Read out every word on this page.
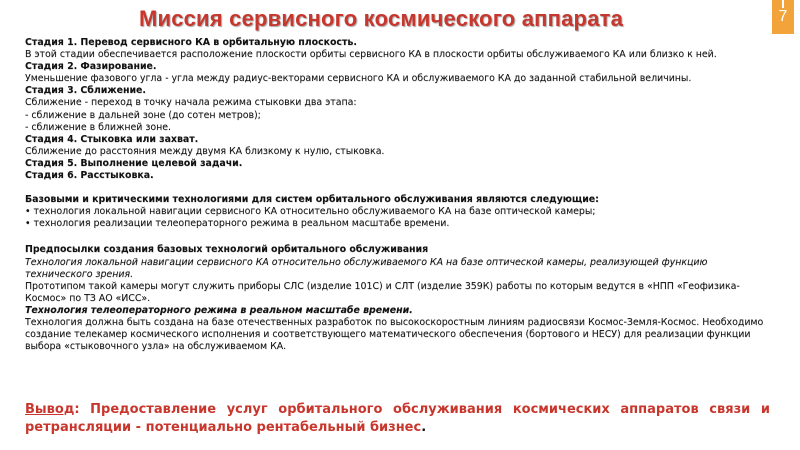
Миссия сервисного космического аппарата	7

Стадия 1. Перевод сервисного КА в орбитальную плоскость.

В этой стадии обеспечивается расположение плоскости орбиты сервисного КА в плоскости орбиты обслуживаемого КА или близко к ней.

Стадия 2. Фазирование.

Уменьшение фазового угла - угла между радиус-векторами сервисного КА и обслуживаемого КА до заданной стабильной величины.

Стадия 3. Сближение.

Сближение - переход в точку начала режима стыковки два этапа:

- сближение в дальней зоне (до сотен метров);

- сближение в ближней зоне.

Стадия 4. Стыковка или захват.

Сближение до расстояния между двумя КА близкому к нулю, стыковка.

Стадия 5. Выполнение целевой задачи.

Стадия 6. Расстыковка.

Базовыми и критическими технологиями для систем орбитального обслуживания являются следующие:

• технология локальной навигации сервисного КА относительно обслуживаемого КА на базе оптической камеры;

• технология реализации телеоператорного режима в реальном масштабе времени.

Предпосылки создания базовых технологий орбитального обслуживания

Технология локальной навигации сервисного КА относительно обслуживаемого КА на базе оптической камеры, реализующей функцию технического зрения.

Прототипом такой камеры могут служить приборы СЛС (изделие 101С) и СЛТ (изделие 359К) работы по которым ведутся в «НПП «Геофизика-Космос» по ТЗ АО «ИСС».

Технология телеоператорного режима в реальном масштабе времени.

Технология должна быть создана на базе отечественных разработок по высокоскоростным линиям радиосвязи Космос-Земля-Космос. Необходимо создание телекамер космического исполнения и соответствующего математического обеспечения (бортового и НЕСУ) для реализации функции выбора «стыковочного узла» на обслуживаемом КА.

Вывод: Предоставление услуг орбитального обслуживания космических аппаратов связи и ретрансляции - потенциально рентабельный бизнес.
